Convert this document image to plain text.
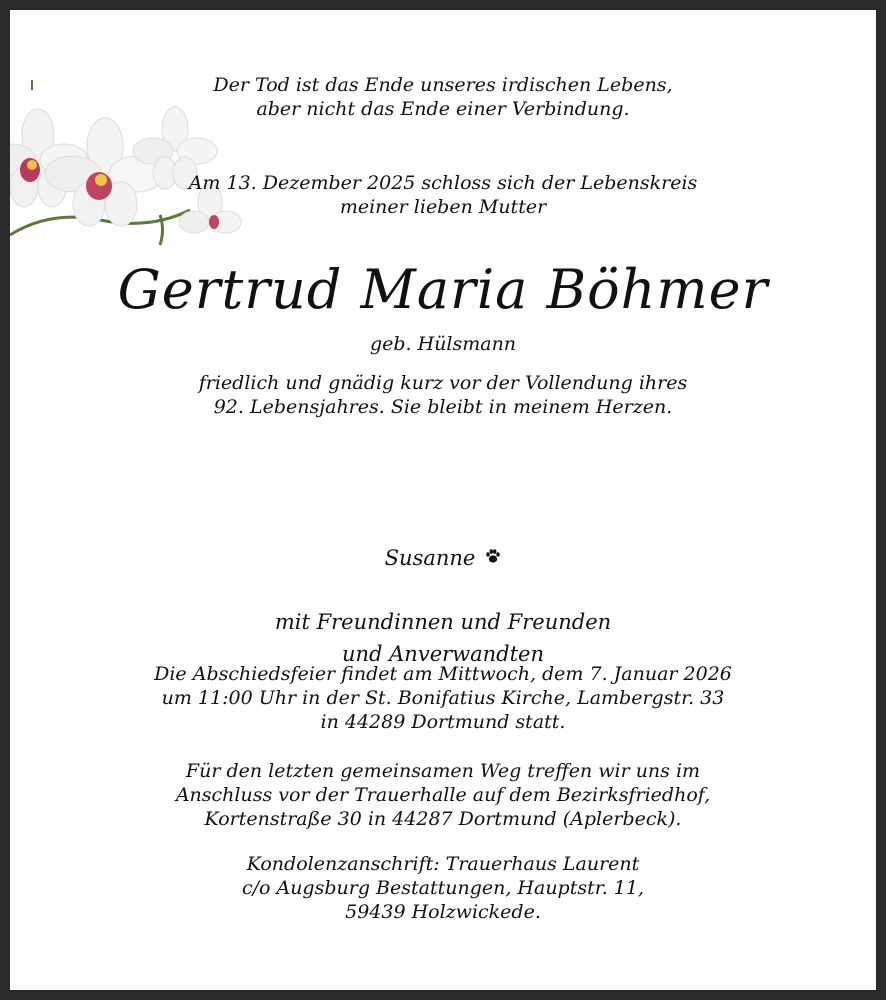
Der Tod ist das Ende unseres irdischen Lebens,
aber nicht das Ende einer Verbindung.
Am 13. Dezember 2025 schloss sich der Lebenskreis
meiner lieben Mutter
Gertrud Maria Böhmer
geb. Hülsmann
friedlich und gnädig kurz vor der Vollendung ihres
92. Lebensjahres. Sie bleibt in meinem Herzen.

Susanne

mit Freundinnen und Freunden
und Anverwandten

Die Abschiedsfeier findet am Mittwoch, dem 7. Januar 2026
um 11:00 Uhr in der St. Bonifatius Kirche, Lambergstr. 33
in 44289 Dortmund statt.
Für den letzten gemeinsamen Weg treffen wir uns im
Anschluss vor der Trauerhalle auf dem Bezirksfriedhof,
Kortenstraße 30 in 44287 Dortmund (Aplerbeck).
Kondolenzanschrift: Trauerhaus Laurent
c/o Augsburg Bestattungen, Hauptstr. 11,
59439 Holzwickede.
